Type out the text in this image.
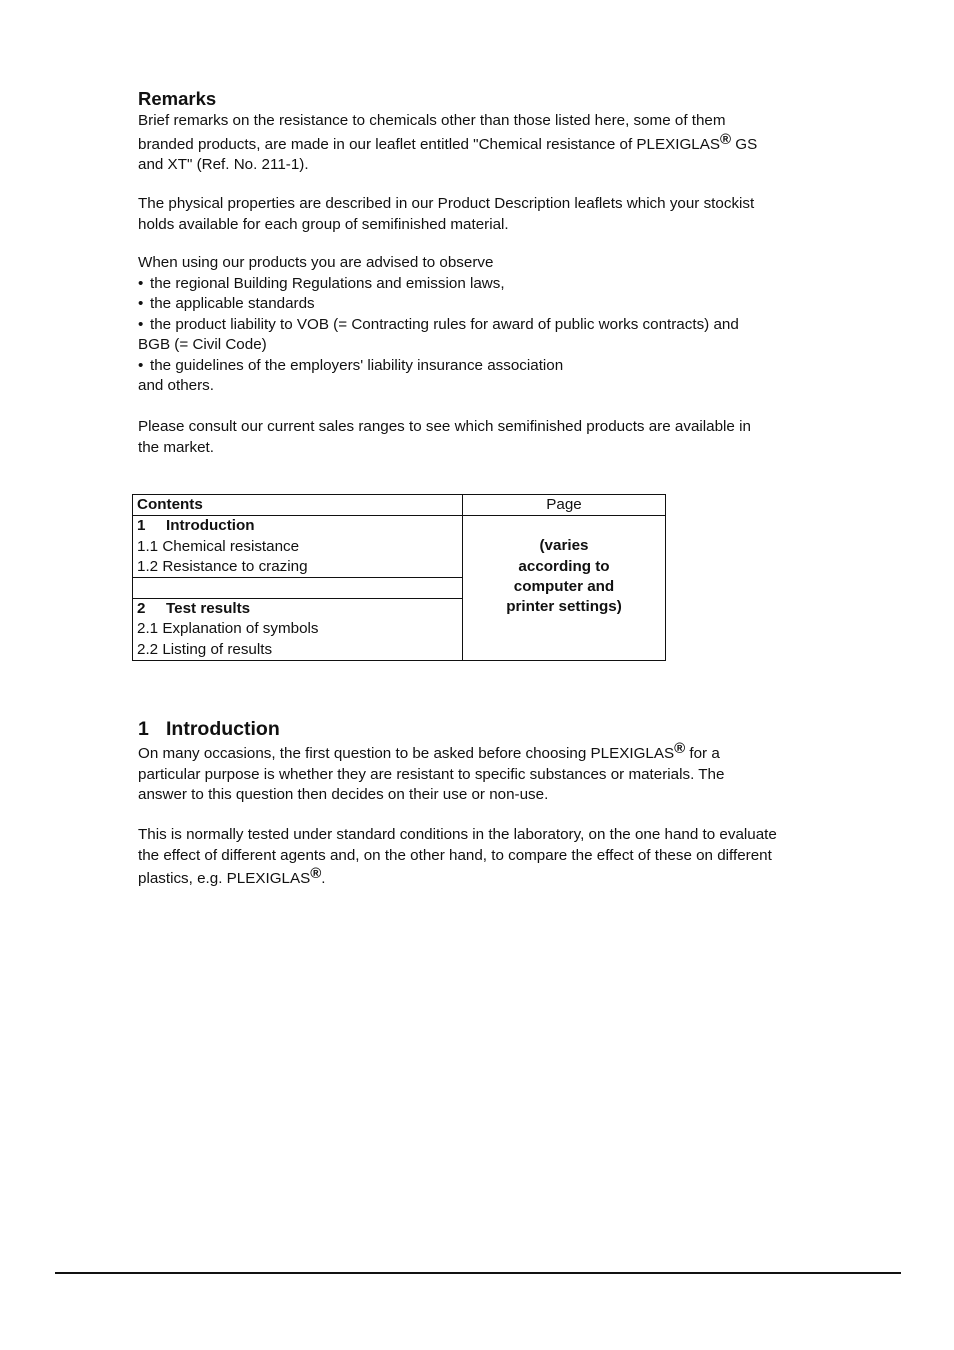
Remarks

Brief remarks on the resistance to chemicals other than those listed here, some of them
branded products, are made in our leaflet entitled "Chemical resistance of PLEXIGLAS® GS
and XT" (Ref. No. 211-1).

The physical properties are described in our Product Description leaflets which your stockist
holds available for each group of semifinished material.

When using our products you are advised to observe
• the regional Building Regulations and emission laws,
• the applicable standards
• the product liability to VOB (= Contracting rules for award of public works contracts) and
BGB (= Civil Code)
• the guidelines of the employers' liability insurance association
and others.

Please consult our current sales ranges to see which semifinished products are available in
the market.

Contents	Page

1 Introduction
1.1 Chemical resistance
1.2 Resistance to crazing	(varies
according to
computer and
printer settings)

2 Test results
2.1 Explanation of symbols
2.2 Listing of results	
1 Introduction

On many occasions, the first question to be asked before choosing PLEXIGLAS® for a
particular purpose is whether they are resistant to specific substances or materials. The
answer to this question then decides on their use or non-use.

This is normally tested under standard conditions in the laboratory, on the one hand to evaluate
the effect of different agents and, on the other hand, to compare the effect of these on different
plastics, e.g. PLEXIGLAS®.
